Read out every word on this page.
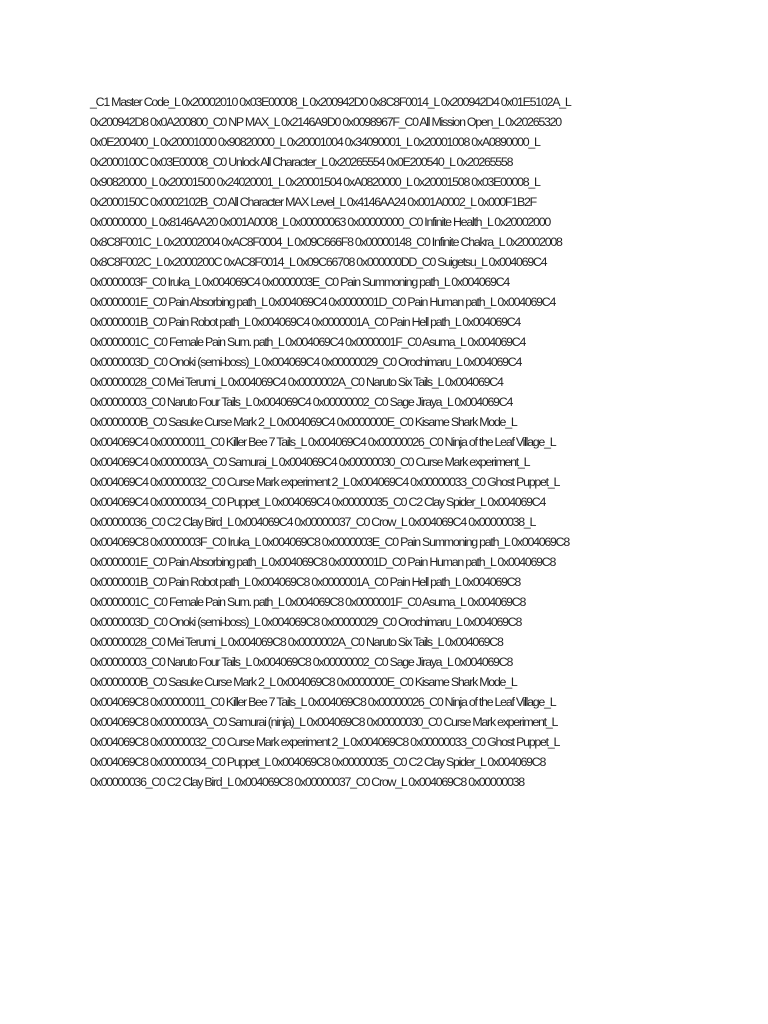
_C1 Master Code_L 0x20002010 0x03E00008_L 0x200942D0 0x8C8F0014_L 0x200942D4 0x01E5102A_L
0x200942D8 0x0A200800_C0 NP MAX_L 0x2146A9D0 0x0098967F_C0 All Mission Open_L 0x20265320
0x0E200400_L 0x20001000 0x90820000_L 0x20001004 0x34090001_L 0x20001008 0xA0890000_L
0x2000100C 0x03E00008_C0 Unlock All Character_L 0x20265554 0x0E200540_L 0x20265558
0x90820000_L 0x20001500 0x24020001_L 0x20001504 0xA0820000_L 0x20001508 0x03E00008_L
0x2000150C 0x0002102B_C0 All Character MAX Level_L 0x4146AA24 0x001A0002_L 0x000F1B2F
0x00000000_L 0x8146AA20 0x001A0008_L 0x00000063 0x00000000_C0 Infinite Health_L 0x20002000
0x8C8F001C_L 0x20002004 0xAC8F0004_L 0x09C666F8 0x00000148_C0 Infinite Chakra_L 0x20002008
0x8C8F002C_L 0x2000200C 0xAC8F0014_L 0x09C66708 0x000000DD_C0 Suigetsu_L 0x004069C4
0x0000003F_C0 Iruka_L 0x004069C4 0x0000003E_C0 Pain Summoning path_L 0x004069C4
0x0000001E_C0 Pain Absorbing path_L 0x004069C4 0x0000001D_C0 Pain Human path_L 0x004069C4
0x0000001B_C0 Pain Robot path_L 0x004069C4 0x0000001A_C0 Pain Hell path_L 0x004069C4
0x0000001C_C0 Female Pain Sum. path_L 0x004069C4 0x0000001F_C0 Asuma_L 0x004069C4
0x0000003D_C0 Onoki (semi-boss)_L 0x004069C4 0x00000029_C0 Orochimaru_L 0x004069C4
0x00000028_C0 Mei Terumi_L 0x004069C4 0x0000002A_C0 Naruto Six Tails_L 0x004069C4
0x00000003_C0 Naruto Four Tails_L 0x004069C4 0x00000002_C0 Sage Jiraya_L 0x004069C4
0x0000000B_C0 Sasuke Curse Mark 2_L 0x004069C4 0x0000000E_C0 Kisame Shark Mode_L
0x004069C4 0x00000011_C0 Killer Bee 7 Tails_L 0x004069C4 0x00000026_C0 Ninja of the Leaf Village_L
0x004069C4 0x0000003A_C0 Samurai_L 0x004069C4 0x00000030_C0 Curse Mark experiment_L
0x004069C4 0x00000032_C0 Curse Mark experiment 2_L 0x004069C4 0x00000033_C0 Ghost Puppet_L
0x004069C4 0x00000034_C0 Puppet_L 0x004069C4 0x00000035_C0 C2 Clay Spider_L 0x004069C4
0x00000036_C0 C2 Clay Bird_L 0x004069C4 0x00000037_C0 Crow_L 0x004069C4 0x00000038_L
0x004069C8 0x0000003F_C0 Iruka_L 0x004069C8 0x0000003E_C0 Pain Summoning path_L 0x004069C8
0x0000001E_C0 Pain Absorbing path_L 0x004069C8 0x0000001D_C0 Pain Human path_L 0x004069C8
0x0000001B_C0 Pain Robot path_L 0x004069C8 0x0000001A_C0 Pain Hell path_L 0x004069C8
0x0000001C_C0 Female Pain Sum. path_L 0x004069C8 0x0000001F_C0 Asuma_L 0x004069C8
0x0000003D_C0 Onoki (semi-boss)_L 0x004069C8 0x00000029_C0 Orochimaru_L 0x004069C8
0x00000028_C0 Mei Terumi_L 0x004069C8 0x0000002A_C0 Naruto Six Tails_L 0x004069C8
0x00000003_C0 Naruto Four Tails_L 0x004069C8 0x00000002_C0 Sage Jiraya_L 0x004069C8
0x0000000B_C0 Sasuke Curse Mark 2_L 0x004069C8 0x0000000E_C0 Kisame Shark Mode_L
0x004069C8 0x00000011_C0 Killer Bee 7 Tails_L 0x004069C8 0x00000026_C0 Ninja of the Leaf Village_L
0x004069C8 0x0000003A_C0 Samurai (ninja)_L 0x004069C8 0x00000030_C0 Curse Mark experiment_L
0x004069C8 0x00000032_C0 Curse Mark experiment 2_L 0x004069C8 0x00000033_C0 Ghost Puppet_L
0x004069C8 0x00000034_C0 Puppet_L 0x004069C8 0x00000035_C0 C2 Clay Spider_L 0x004069C8
0x00000036_C0 C2 Clay Bird_L 0x004069C8 0x00000037_C0 Crow_L 0x004069C8 0x00000038
